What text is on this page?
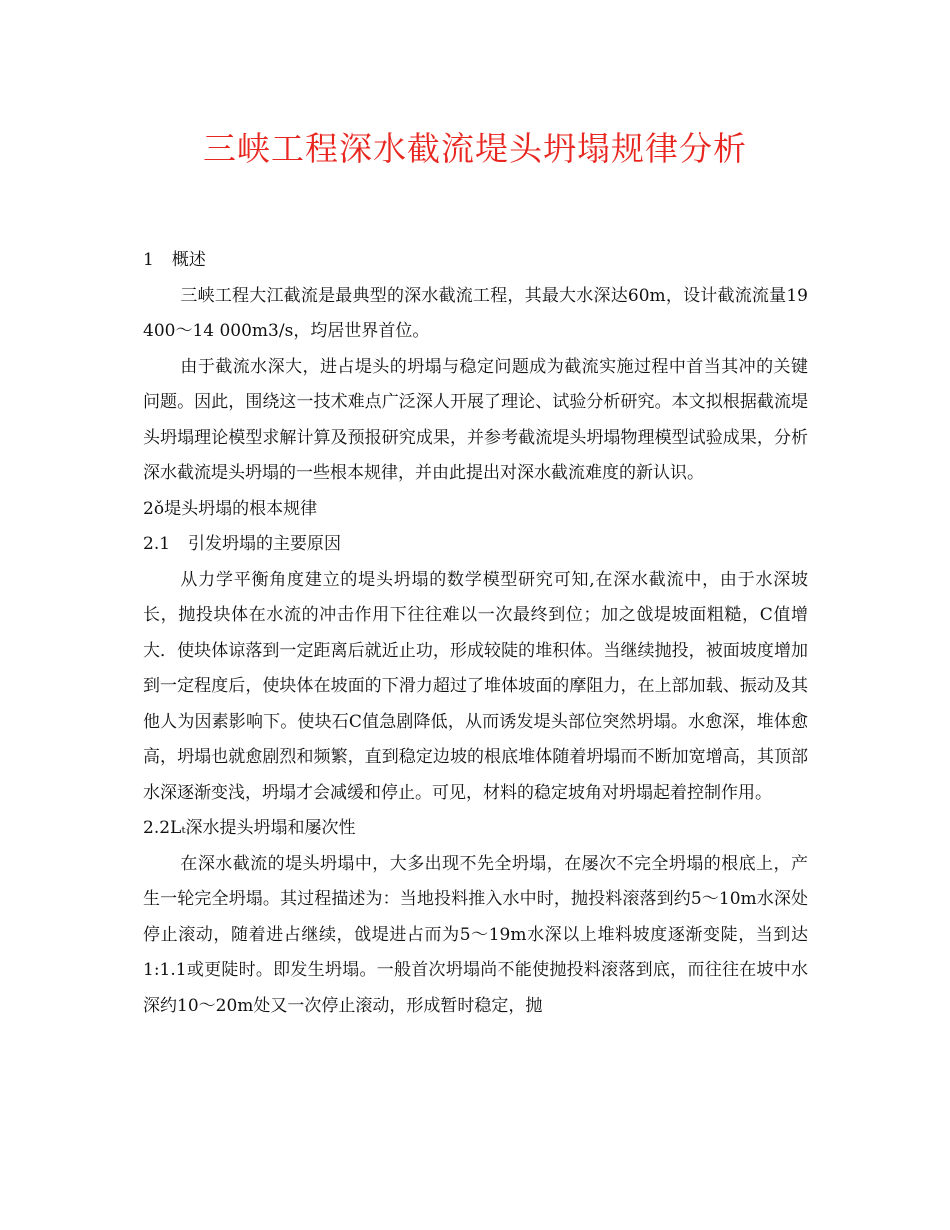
三峡工程深水截流堤头坍塌规律分析

1 概述

三峡工程大江截流是最典型的深水截流工程，其最大水深达60m，设计截流流量19 400～14 000m3/s，均居世界首位。

由于截流水深大，进占堤头的坍塌与稳定问题成为截流实施过程中首当其冲的关键问题。因此，围绕这一技术难点广泛深人开展了理论、试验分析研究。本文拟根据截流堤头坍塌理论模型求解计算及预报研究成果，并参考截流堤头坍塌物理模型试验成果，分析深水截流堤头坍塌的一些根本规律，并由此提出对深水截流难度的新认识。

2ǒ堤头坍塌的根本规律

2.1 引发坍塌的主要原因

从力学平衡角度建立的堤头坍塌的数学模型研究可知,在深水截流中，由于水深坡长，抛投块体在水流的冲击作用下往往难以一次最终到位；加之戗堤坡面粗糙，C值增大．使块体谅落到一定距离后就近止功，形成较陡的堆积体。当继续抛投，被面坡度增加到一定程度后，使块体在坡面的下滑力超过了堆体坡面的摩阻力，在上部加载、振动及其他人为因素影响下。使块石C值急剧降低，从而诱发堤头部位突然坍塌。水愈深，堆体愈高，坍塌也就愈剧烈和频繁，直到稳定边坡的根底堆体随着坍塌而不断加宽增高，其顶部水深逐渐变浅，坍塌才会减缓和停止。可见，材料的稳定坡角对坍塌起着控制作用。

2.2Ⅼₜ深水提头坍塌和屡次性

在深水截流的堤头坍塌中，大多出现不先全坍塌，在屡次不完全坍塌的根底上，产生一轮完全坍塌。其过程描述为：当地投料推入水中时，抛投料滚落到约5～10m水深处停止滚动，随着进占继续，戗堤进占而为5～19m水深以上堆料坡度逐渐变陡，当到达1:1.1或更陡时。即发生坍塌。一般首次坍塌尚不能使抛投料滚落到底，而往往在坡中水深约10～20m处又一次停止滚动，形成暂时稳定，抛
